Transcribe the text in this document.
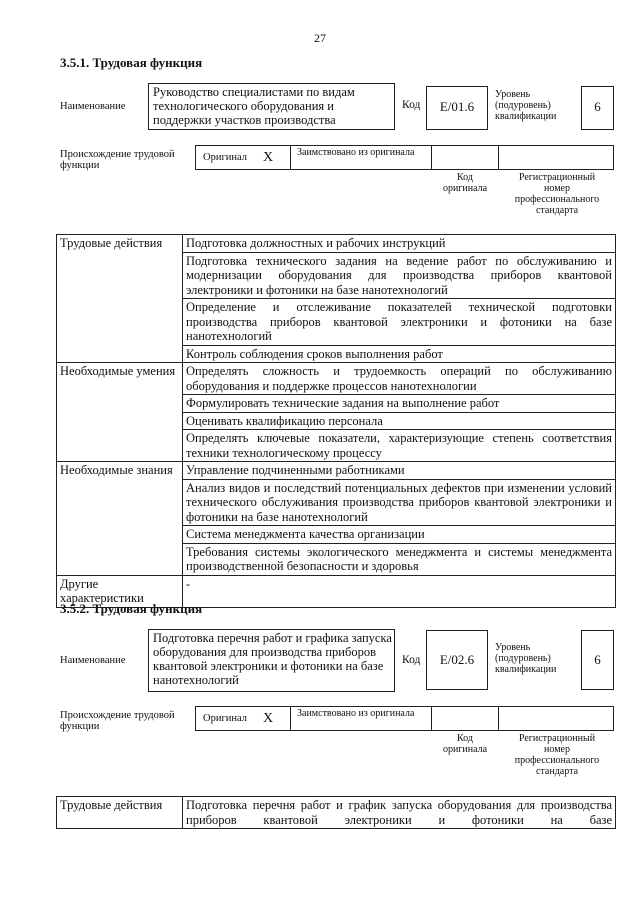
27
3.5.1. Трудовая функция
Наименование
Руководство специалистами по видам технологического оборудования и поддержки участков производства
Код	E/01.6
Уровень (подуровень) квалификации
6
Происхождение трудовой функции
Оригинал X	Заимствовано из оригинала
Код оригинала
Регистрационный номер профессионального стандарта
Трудовые действия	Подготовка должностных и рабочих инструкций
	Подготовка технического задания на ведение работ по обслуживанию и модернизации оборудования для производства приборов квантовой электроники и фотоники на базе нанотехнологий
	Определение и отслеживание показателей технической подготовки производства приборов квантовой электроники и фотоники на базе нанотехнологий
	Контроль соблюдения сроков выполнения работ
Необходимые умения	Определять сложность и трудоемкость операций по обслуживанию оборудования и поддержке процессов нанотехнологии
	Формулировать технические задания на выполнение работ
	Оценивать квалификацию персонала
	Определять ключевые показатели, характеризующие степень соответствия техники технологическому процессу
Необходимые знания	Управление подчиненными работниками
	Анализ видов и последствий потенциальных дефектов при изменении условий технического обслуживания производства приборов квантовой электроники и фотоники на базе нанотехнологий
	Система менеджмента качества организации
	Требования системы экологического менеджмента и системы менеджмента производственной безопасности и здоровья
Другие характеристики	-
3.5.2. Трудовая функция
Наименование
Подготовка перечня работ и графика запуска оборудования для производства приборов квантовой электроники и фотоники на базе нанотехнологий
Код	E/02.6
Уровень (подуровень) квалификации
6
Происхождение трудовой функции
Оригинал X	Заимствовано из оригинала
Код оригинала
Регистрационный номер профессионального стандарта
Трудовые действия	Подготовка перечня работ и график запуска оборудования для производства приборов квантовой электроники и фотоники на базе
